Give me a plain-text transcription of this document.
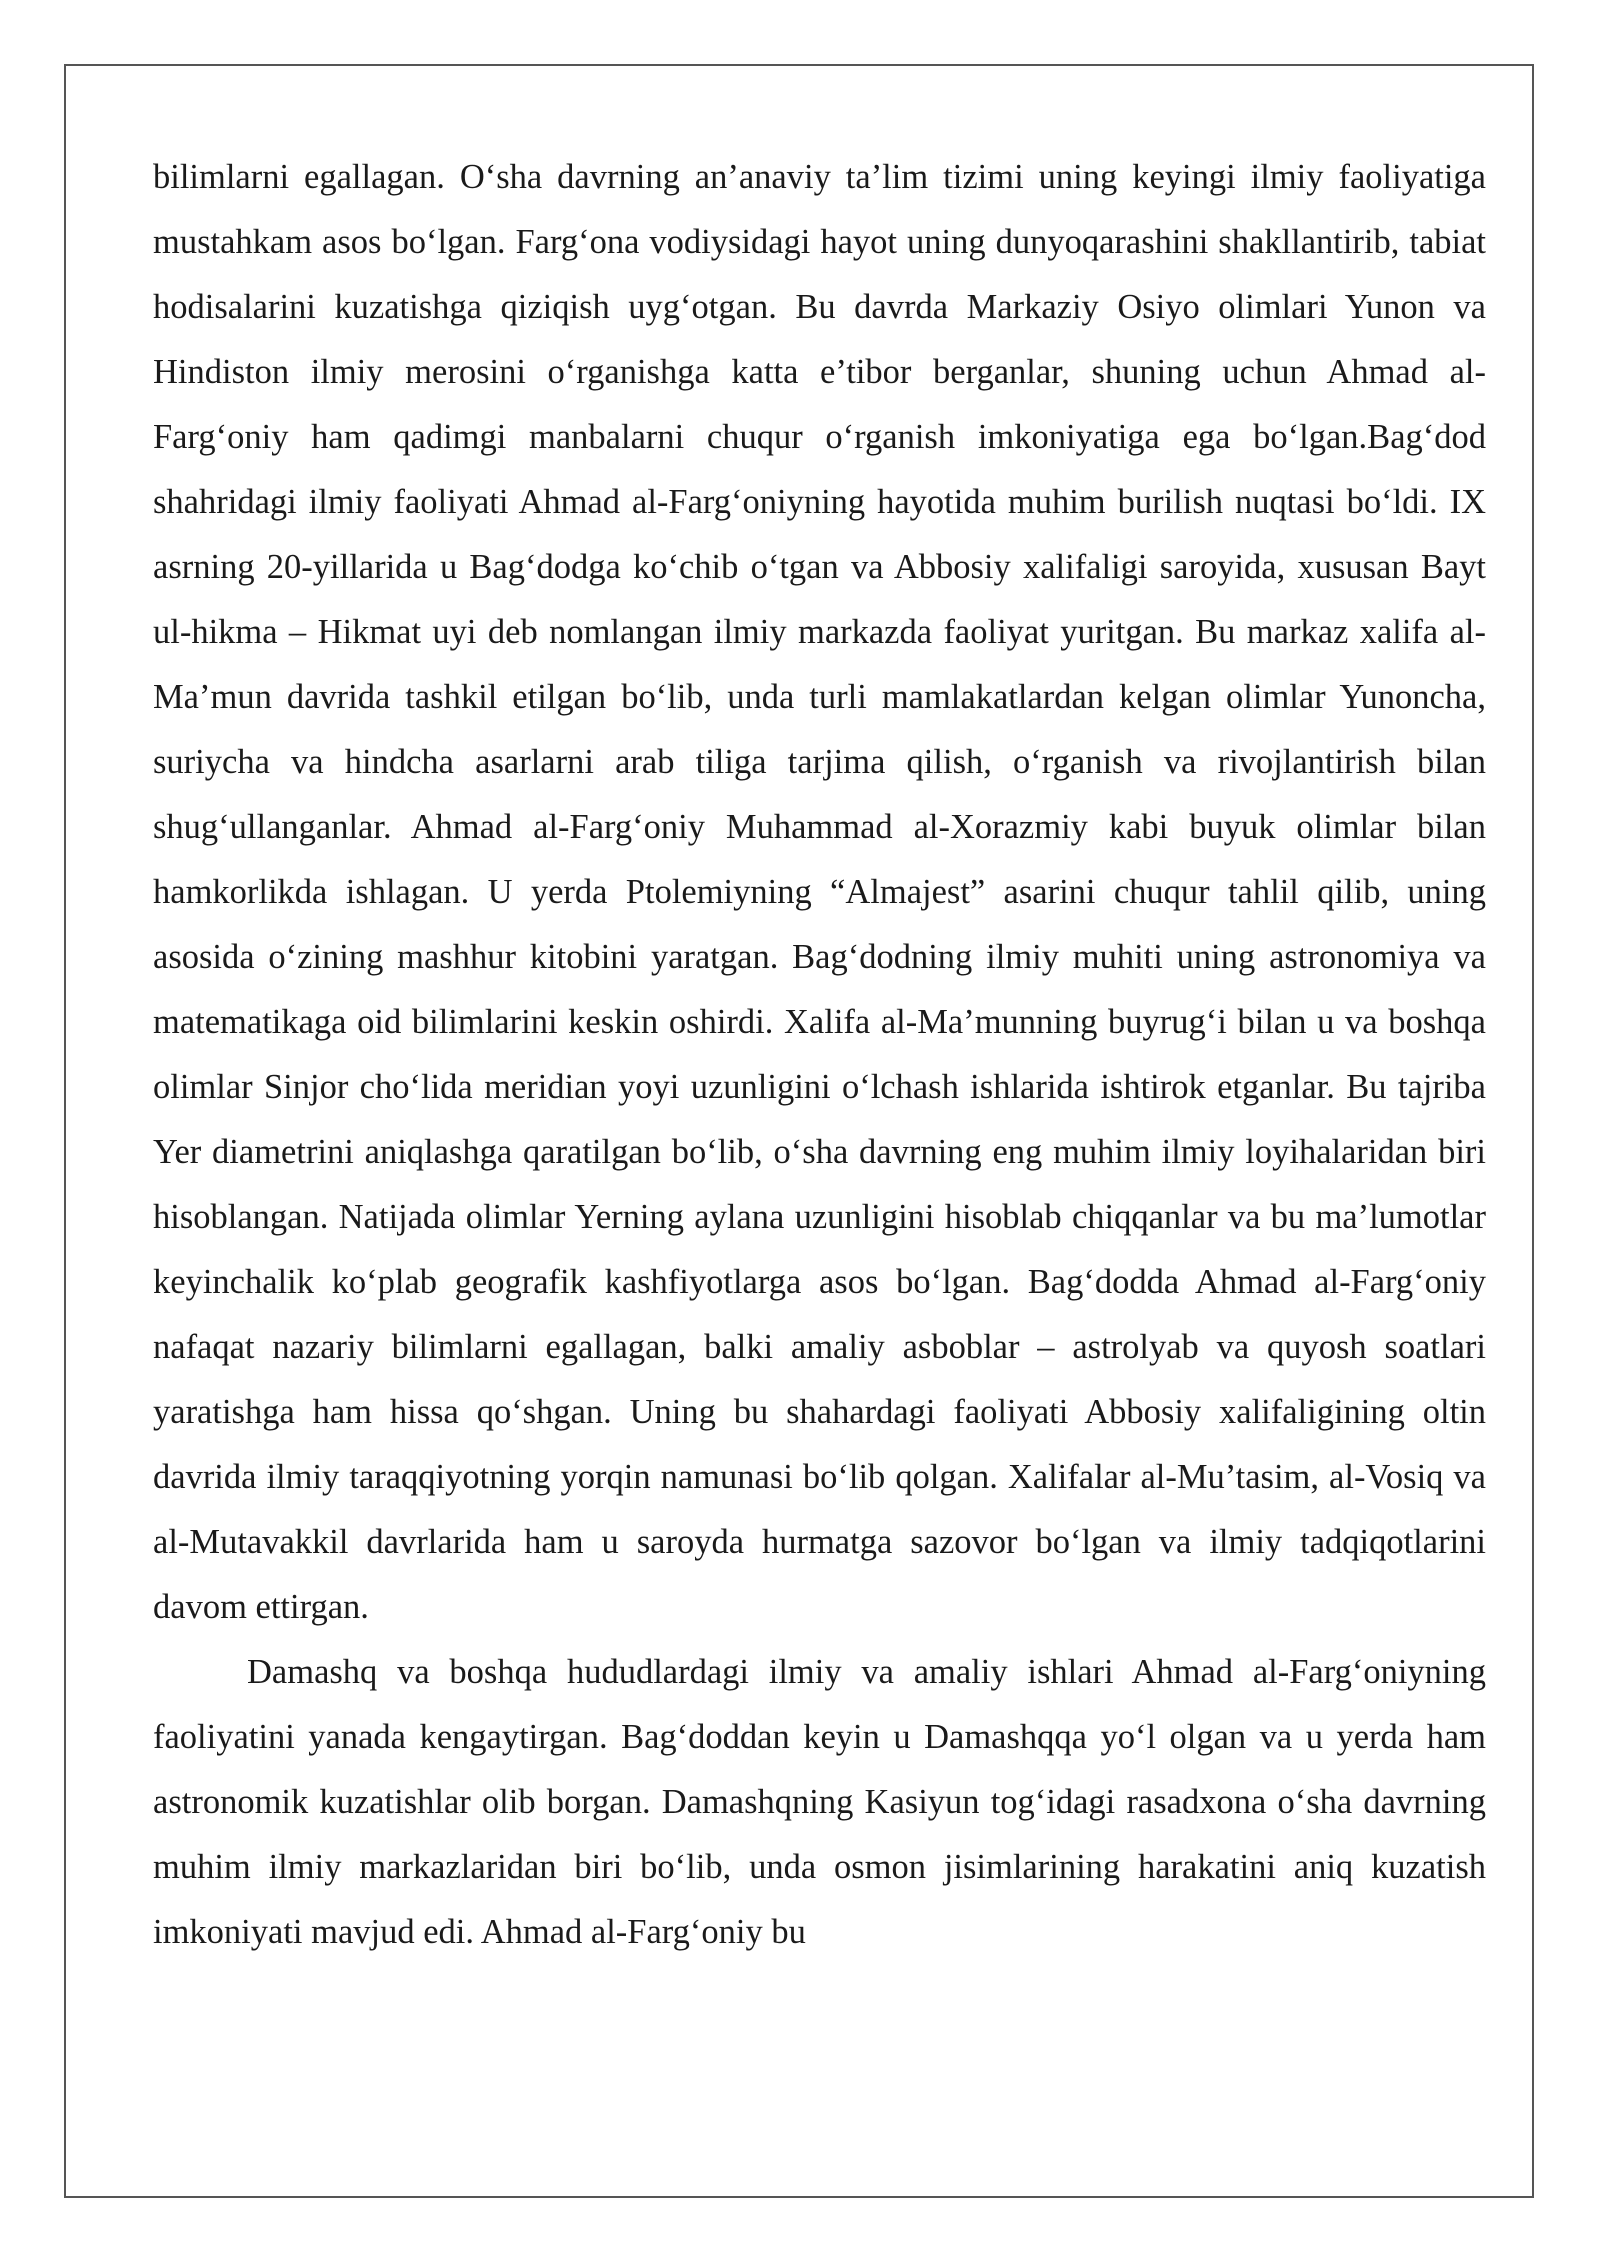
bilimlarni egallagan. O‘sha davrning an’anaviy ta’lim tizimi uning keyingi ilmiy faoliyatiga mustahkam asos bo‘lgan. Farg‘ona vodiysidagi hayot uning dunyoqarashini shakllantirib, tabiat hodisalarini kuzatishga qiziqish uyg‘otgan. Bu davrda Markaziy Osiyo olimlari Yunon va Hindiston ilmiy merosini o‘rganishga katta e’tibor berganlar, shuning uchun Ahmad al-Farg‘oniy ham qadimgi manbalarni chuqur o‘rganish imkoniyatiga ega bo‘lgan.Bag‘dod shahridagi ilmiy faoliyati Ahmad al-Farg‘oniyning hayotida muhim burilish nuqtasi bo‘ldi. IX asrning 20-yillarida u Bag‘dodga ko‘chib o‘tgan va Abbosiy xalifaligi saroyida, xususan Bayt ul-hikma – Hikmat uyi deb nomlangan ilmiy markazda faoliyat yuritgan. Bu markaz xalifa al-Ma’mun davrida tashkil etilgan bo‘lib, unda turli mamlakatlardan kelgan olimlar Yunoncha, suriycha va hindcha asarlarni arab tiliga tarjima qilish, o‘rganish va rivojlantirish bilan shug‘ullanganlar. Ahmad al-Farg‘oniy Muhammad al-Xorazmiy kabi buyuk olimlar bilan hamkorlikda ishlagan. U yerda Ptolemiyning “Almajest” asarini chuqur tahlil qilib, uning asosida o‘zining mashhur kitobini yaratgan. Bag‘dodning ilmiy muhiti uning astronomiya va matematikaga oid bilimlarini keskin oshirdi. Xalifa al-Ma’munning buyrug‘i bilan u va boshqa olimlar Sinjor cho‘lida meridian yoyi uzunligini o‘lchash ishlarida ishtirok etganlar. Bu tajriba Yer diametrini aniqlashga qaratilgan bo‘lib, o‘sha davrning eng muhim ilmiy loyihalaridan biri hisoblangan. Natijada olimlar Yerning aylana uzunligini hisoblab chiqqanlar va bu ma’lumotlar keyinchalik ko‘plab geografik kashfiyotlarga asos bo‘lgan. Bag‘dodda Ahmad al-Farg‘oniy nafaqat nazariy bilimlarni egallagan, balki amaliy asboblar – astrolyab va quyosh soatlari yaratishga ham hissa qo‘shgan. Uning bu shahardagi faoliyati Abbosiy xalifaligining oltin davrida ilmiy taraqqiyotning yorqin namunasi bo‘lib qolgan. Xalifalar al-Mu’tasim, al-Vosiq va al-Mutavakkil davrlarida ham u saroyda hurmatga sazovor bo‘lgan va ilmiy tadqiqotlarini davom ettirgan.

Damashq va boshqa hududlardagi ilmiy va amaliy ishlari Ahmad al-Farg‘oniyning faoliyatini yanada kengaytirgan. Bag‘doddan keyin u Damashqqa yo‘l olgan va u yerda ham astronomik kuzatishlar olib borgan. Damashqning Kasiyun tog‘idagi rasadxona o‘sha davrning muhim ilmiy markazlaridan biri bo‘lib, unda osmon jisimlarining harakatini aniq kuzatish imkoniyati mavjud edi. Ahmad al-Farg‘oniy bu
